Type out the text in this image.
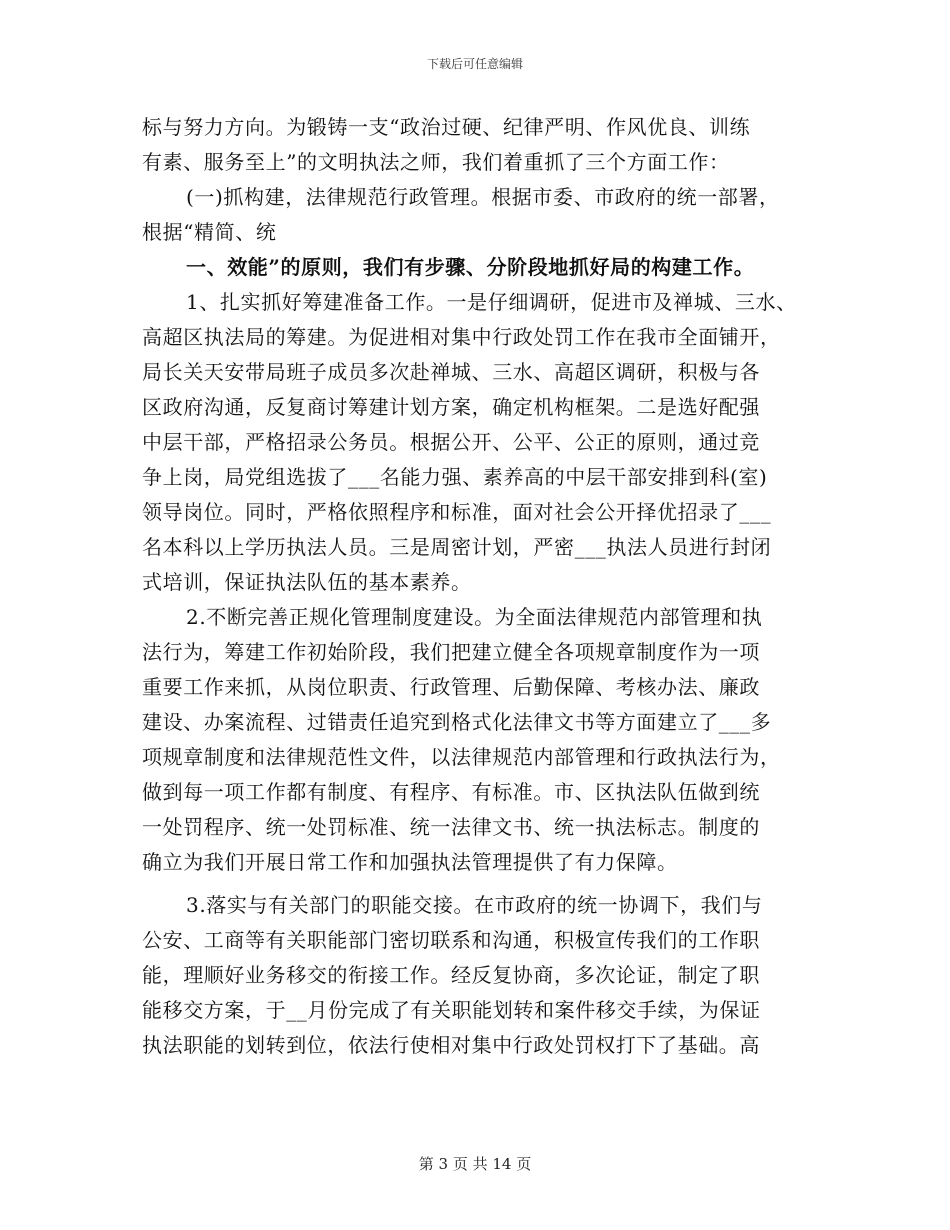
下载后可任意编辑
标与努力方向。为锻铸一支“政治过硬、纪律严明、作风优良、训练
有素、服务至上”的文明执法之师，我们着重抓了三个方面工作：
(一)抓构建，法律规范行政管理。根据市委、市政府的统一部署，
根据“精简、统
一、效能”的原则，我们有步骤、分阶段地抓好局的构建工作。
1、扎实抓好筹建准备工作。一是仔细调研，促进市及禅城、三水、
高超区执法局的筹建。为促进相对集中行政处罚工作在我市全面铺开，
局长关天安带局班子成员多次赴禅城、三水、高超区调研，积极与各
区政府沟通，反复商讨筹建计划方案，确定机构框架。二是选好配强
中层干部，严格招录公务员。根据公开、公平、公正的原则，通过竞
争上岗，局党组选拔了___名能力强、素养高的中层干部安排到科(室)
领导岗位。同时，严格依照程序和标准，面对社会公开择优招录了___
名本科以上学历执法人员。三是周密计划，严密___执法人员进行封闭
式培训，保证执法队伍的基本素养。
2.不断完善正规化管理制度建设。为全面法律规范内部管理和执
法行为，筹建工作初始阶段，我们把建立健全各项规章制度作为一项
重要工作来抓，从岗位职责、行政管理、后勤保障、考核办法、廉政
建设、办案流程、过错责任追究到格式化法律文书等方面建立了___多
项规章制度和法律规范性文件，以法律规范内部管理和行政执法行为，
做到每一项工作都有制度、有程序、有标准。市、区执法队伍做到统
一处罚程序、统一处罚标准、统一法律文书、统一执法标志。制度的
确立为我们开展日常工作和加强执法管理提供了有力保障。
3.落实与有关部门的职能交接。在市政府的统一协调下，我们与
公安、工商等有关职能部门密切联系和沟通，积极宣传我们的工作职
能，理顺好业务移交的衔接工作。经反复协商，多次论证，制定了职
能移交方案，于__月份完成了有关职能划转和案件移交手续，为保证
执法职能的划转到位，依法行使相对集中行政处罚权打下了基础。高
第 3 页 共 14 页
